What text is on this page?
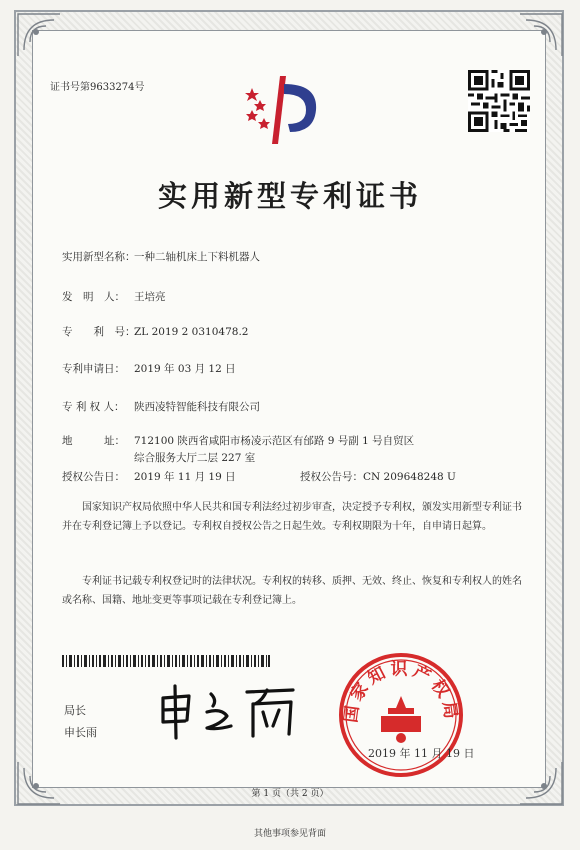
证书号第9633274号
实用新型专利证书
实用新型名称：
一种二轴机床上下料机器人
发　明　人： 王培亮
专　　利　号：
ZL 2019 2 0310478.2
专利申请日： 2019 年 03 月 12 日
专 利 权 人： 陕西凌特智能科技有限公司
地　　　址： 712100 陕西省咸阳市杨凌示范区有邰路 9 号副 1 号自贸区
综合服务大厅二层 227 室
授权公告日： 2019 年 11 月 19 日	授权公告号：CN 209648248 U
国家知识产权局依照中华人民共和国专利法经过初步审查，决定授予专利权，颁发实用新型专利证书并在专利登记簿上予以登记。专利权自授权公告之日起生效。专利权期限为十年，自申请日起算。
专利证书记载专利权登记时的法律状况。专利权的转移、质押、无效、终止、恢复和专利权人的姓名或名称、国籍、地址变更等事项记载在专利登记簿上。
局长
申长雨
国家知识产权局
2019 年 11 月 19 日
第 1 页（共 2 页）
其他事项参见背面
